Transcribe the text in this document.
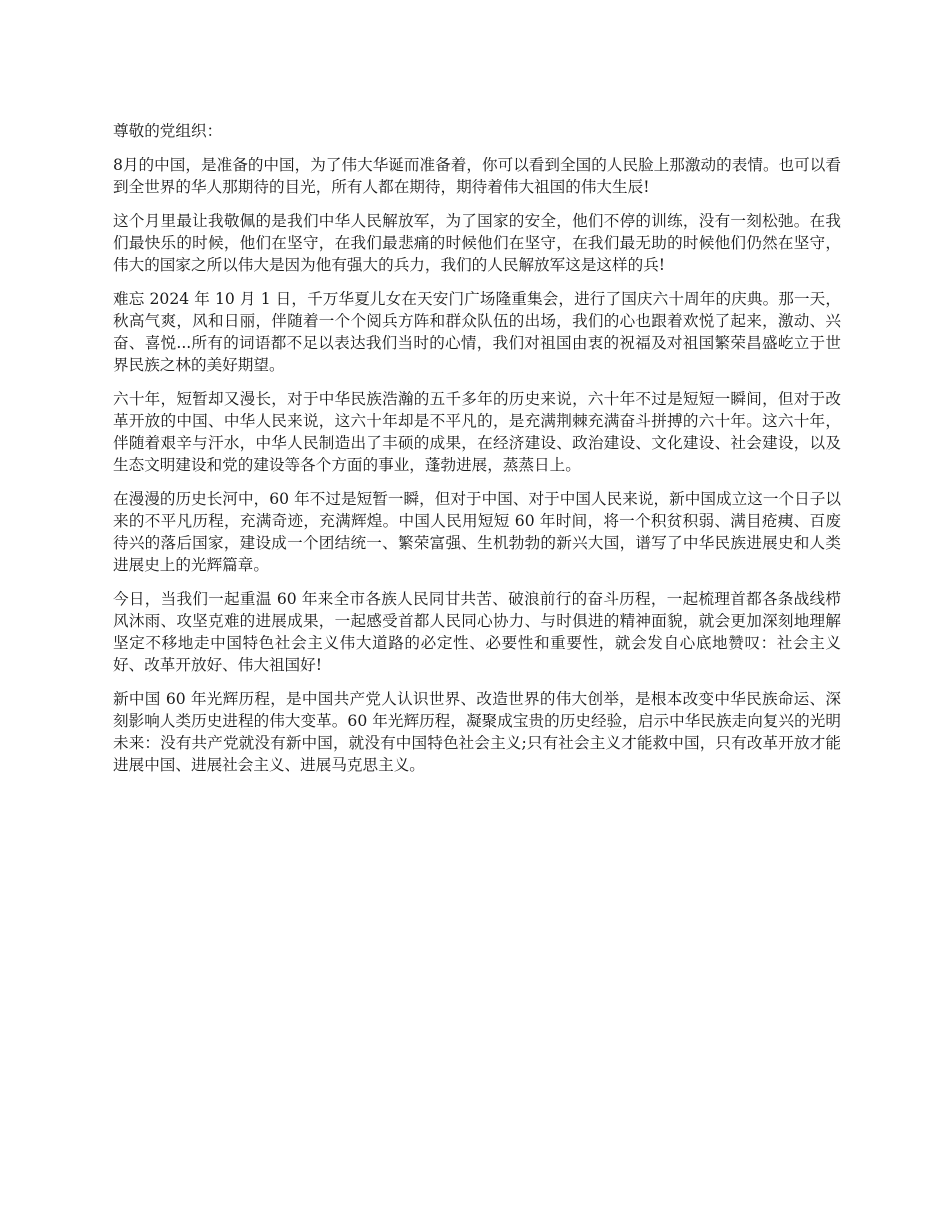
尊敬的党组织：

8月的中国，是准备的中国，为了伟大华诞而准备着，你可以看到全国的人民脸上那激动的表情。也可以看到全世界的华人那期待的目光，所有人都在期待，期待着伟大祖国的伟大生辰!

这个月里最让我敬佩的是我们中华人民解放军，为了国家的安全，他们不停的训练，没有一刻松弛。在我们最快乐的时候，他们在坚守，在我们最悲痛的时候他们在坚守，在我们最无助的时候他们仍然在坚守，伟大的国家之所以伟大是因为他有强大的兵力，我们的人民解放军这是这样的兵!

难忘 2024 年 10 月 1 日，千万华夏儿女在天安门广场隆重集会，进行了国庆六十周年的庆典。那一天，秋高气爽，风和日丽，伴随着一个个阅兵方阵和群众队伍的出场，我们的心也跟着欢悦了起来，激动、兴奋、喜悦...所有的词语都不足以表达我们当时的心情，我们对祖国由衷的祝福及对祖国繁荣昌盛屹立于世界民族之林的美好期望。

六十年，短暂却又漫长，对于中华民族浩瀚的五千多年的历史来说，六十年不过是短短一瞬间，但对于改革开放的中国、中华人民来说，这六十年却是不平凡的，是充满荆棘充满奋斗拼搏的六十年。这六十年，伴随着艰辛与汗水，中华人民制造出了丰硕的成果，在经济建设、政治建设、文化建设、社会建设，以及生态文明建设和党的建设等各个方面的事业，蓬勃进展，蒸蒸日上。

在漫漫的历史长河中，60 年不过是短暂一瞬，但对于中国、对于中国人民来说，新中国成立这一个日子以来的不平凡历程，充满奇迹，充满辉煌。中国人民用短短 60 年时间，将一个积贫积弱、满目疮痍、百废待兴的落后国家，建设成一个团结统一、繁荣富强、生机勃勃的新兴大国，谱写了中华民族进展史和人类进展史上的光辉篇章。

今日，当我们一起重温 60 年来全市各族人民同甘共苦、破浪前行的奋斗历程，一起梳理首都各条战线栉风沐雨、攻坚克难的进展成果，一起感受首都人民同心协力、与时俱进的精神面貌，就会更加深刻地理解坚定不移地走中国特色社会主义伟大道路的必定性、必要性和重要性，就会发自心底地赞叹：社会主义好、改革开放好、伟大祖国好!

新中国 60 年光辉历程，是中国共产党人认识世界、改造世界的伟大创举，是根本改变中华民族命运、深刻影响人类历史进程的伟大变革。60 年光辉历程，凝聚成宝贵的历史经验，启示中华民族走向复兴的光明未来：没有共产党就没有新中国，就没有中国特色社会主义;只有社会主义才能救中国，只有改革开放才能进展中国、进展社会主义、进展马克思主义。
